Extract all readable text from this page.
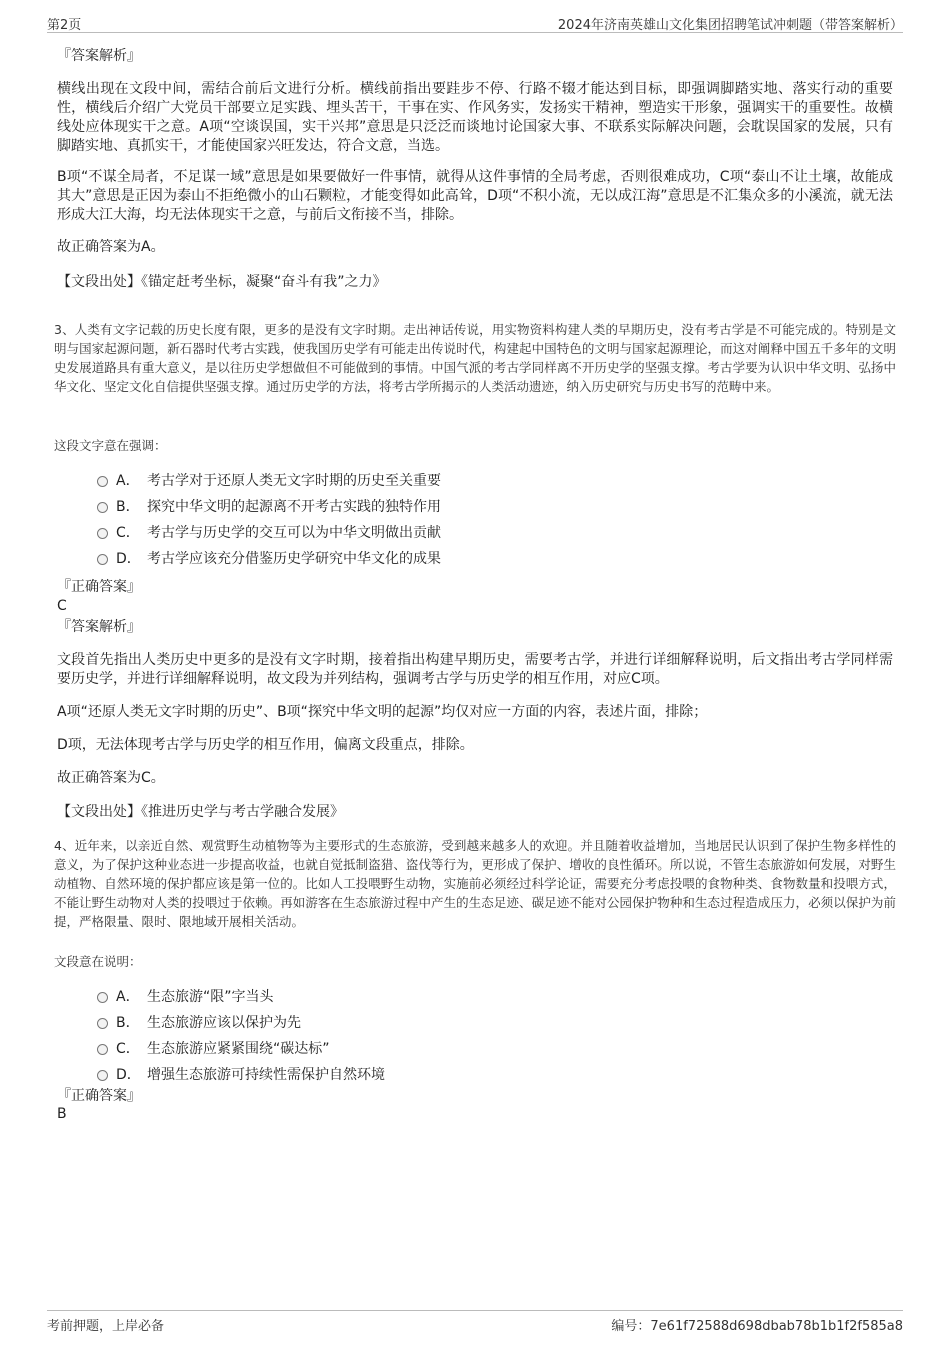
第2页	2024年济南英雄山文化集团招聘笔试冲刺题（带答案解析）

『答案解析』

横线出现在文段中间，需结合前后文进行分析。横线前指出要跬步不停、行路不辍才能达到目标，即强调脚踏实地、落实行动的重要性，横线后介绍广大党员干部要立足实践、埋头苦干，干事在实、作风务实，发扬实干精神，塑造实干形象，强调实干的重要性。故横线处应体现实干之意。A项“空谈误国，实干兴邦”意思是只泛泛而谈地讨论国家大事、不联系实际解决问题，会耽误国家的发展，只有脚踏实地、真抓实干，才能使国家兴旺发达，符合文意，当选。

B项“不谋全局者，不足谋一域”意思是如果要做好一件事情，就得从这件事情的全局考虑，否则很难成功，C项“泰山不让土壤，故能成其大”意思是正因为泰山不拒绝微小的山石颗粒，才能变得如此高耸，D项“不积小流，无以成江海”意思是不汇集众多的小溪流，就无法形成大江大海，均无法体现实干之意，与前后文衔接不当，排除。

故正确答案为A。

【文段出处】《锚定赶考坐标，凝聚“奋斗有我”之力》

3、人类有文字记载的历史长度有限，更多的是没有文字时期。走出神话传说，用实物资料构建人类的早期历史，没有考古学是不可能完成的。特别是文明与国家起源问题，新石器时代考古实践，使我国历史学有可能走出传说时代，构建起中国特色的文明与国家起源理论，而这对阐释中国五千多年的文明史发展道路具有重大意义，是以往历史学想做但不可能做到的事情。中国气派的考古学同样离不开历史学的坚强支撑。考古学要为认识中华文明、弘扬中华文化、坚定文化自信提供坚强支撑。通过历史学的方法，将考古学所揭示的人类活动遗迹，纳入历史研究与历史书写的范畴中来。

这段文字意在强调：

A． 考古学对于还原人类无文字时期的历史至关重要
B． 探究中华文明的起源离不开考古实践的独特作用
C． 考古学与历史学的交互可以为中华文明做出贡献
D． 考古学应该充分借鉴历史学研究中华文化的成果

『正确答案』

C

『答案解析』

文段首先指出人类历史中更多的是没有文字时期，接着指出构建早期历史，需要考古学，并进行详细解释说明，后文指出考古学同样需要历史学，并进行详细解释说明，故文段为并列结构，强调考古学与历史学的相互作用，对应C项。

A项“还原人类无文字时期的历史”、B项“探究中华文明的起源”均仅对应一方面的内容，表述片面，排除；

D项，无法体现考古学与历史学的相互作用，偏离文段重点，排除。

故正确答案为C。

【文段出处】《推进历史学与考古学融合发展》

4、近年来，以亲近自然、观赏野生动植物等为主要形式的生态旅游，受到越来越多人的欢迎。并且随着收益增加，当地居民认识到了保护生物多样性的意义，为了保护这种业态进一步提高收益，也就自觉抵制盗猎、盗伐等行为，更形成了保护、增收的良性循环。所以说，不管生态旅游如何发展，对野生动植物、自然环境的保护都应该是第一位的。比如人工投喂野生动物，实施前必须经过科学论证，需要充分考虑投喂的食物种类、食物数量和投喂方式，不能让野生动物对人类的投喂过于依赖。再如游客在生态旅游过程中产生的生态足迹、碳足迹不能对公园保护物种和生态过程造成压力，必须以保护为前提，严格限量、限时、限地域开展相关活动。

文段意在说明：

A． 生态旅游“限”字当头
B． 生态旅游应该以保护为先
C． 生态旅游应紧紧围绕“碳达标”
D． 增强生态旅游可持续性需保护自然环境

『正确答案』

B

考前押题，上岸必备	编号：7e61f72588d698dbab78b1b1f2f585a8
